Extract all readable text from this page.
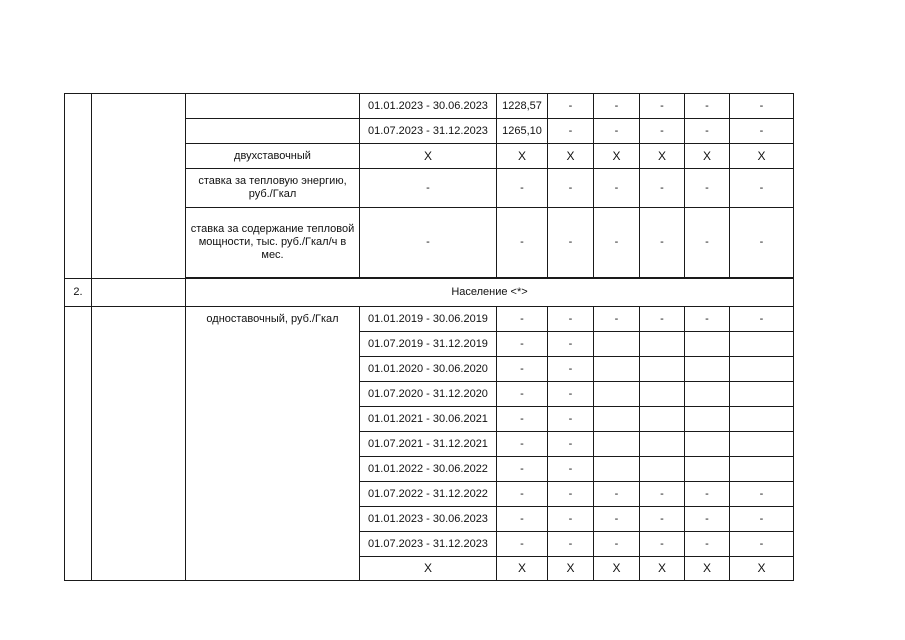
			01.01.2023 - 30.06.2023	1228,57	-	-	-	-	-
			01.07.2023 - 31.12.2023	1265,10	-	-	-	-	-
		двухставочный	X	X	X	X	X	X	X
		ставка за тепловую энергию, руб./Гкал	-	-	-	-	-	-	-
		ставка за содержание тепловой мощности, тыс. руб./Гкал/ч в мес.	-	-	-	-	-	-	-

2.		Население <*>							
		одноставочный, руб./Гкал	01.01.2019 - 30.06.2019	-	-	-	-	-	-
			01.07.2019 - 31.12.2019	-	-				
			01.01.2020 - 30.06.2020	-	-				
			01.07.2020 - 31.12.2020	-	-				
			01.01.2021 - 30.06.2021	-	-				
			01.07.2021 - 31.12.2021	-	-				
			01.01.2022 - 30.06.2022	-	-				
			01.07.2022 - 31.12.2022	-	-	-	-	-	-
			01.01.2023 - 30.06.2023	-	-	-	-	-	-
			01.07.2023 - 31.12.2023	-	-	-	-	-	-
			X	X	X	X	X	X	X
